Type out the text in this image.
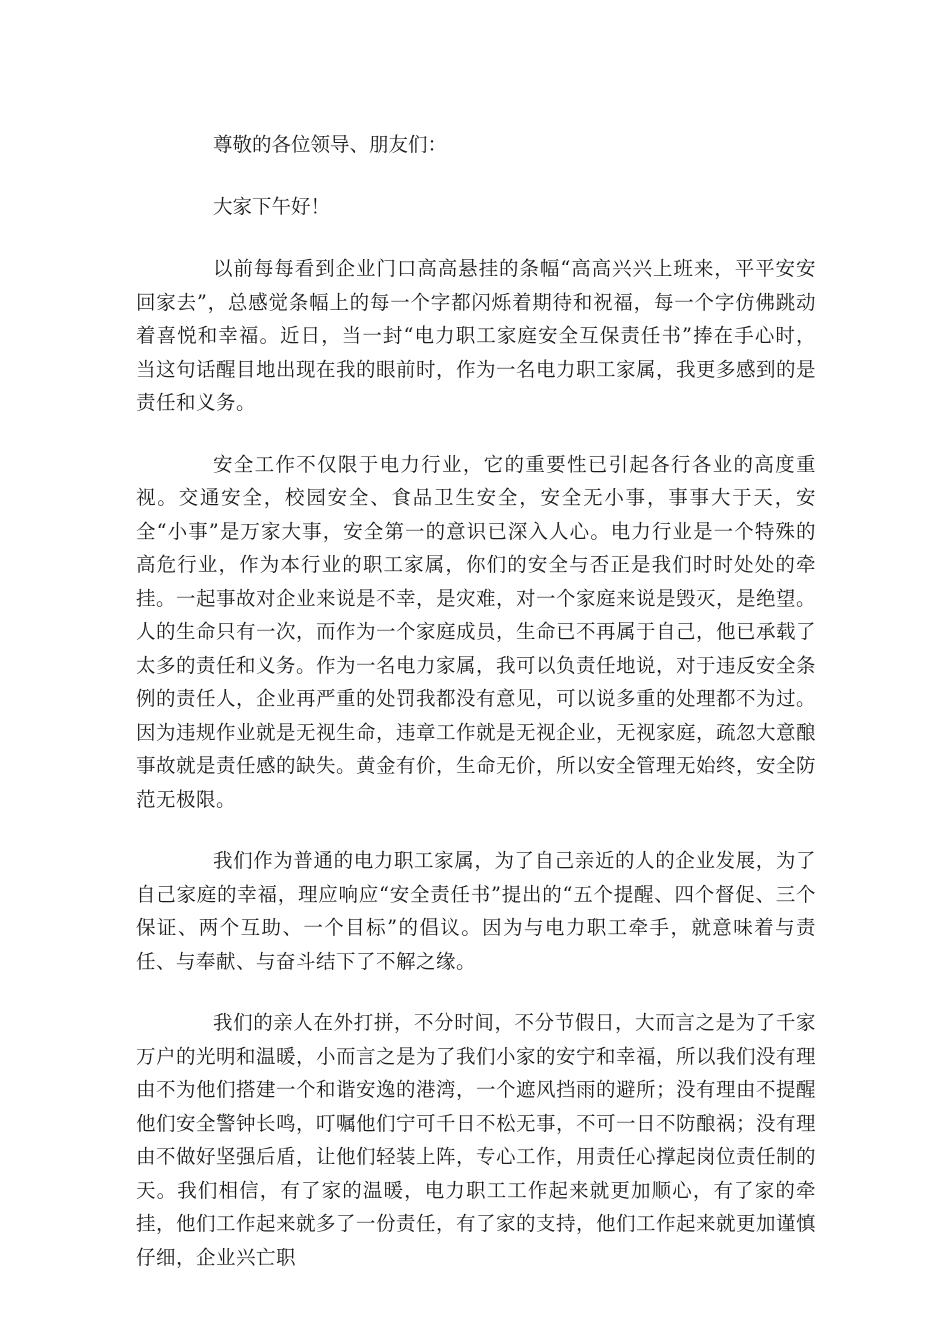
尊敬的各位领导、朋友们：

大家下午好！

以前每每看到企业门口高高悬挂的条幅“高高兴兴上班来，平平安安回家去”，总感觉条幅上的每一个字都闪烁着期待和祝福，每一个字仿佛跳动着喜悦和幸福。近日，当一封“电力职工家庭安全互保责任书”捧在手心时，当这句话醒目地出现在我的眼前时，作为一名电力职工家属，我更多感到的是责任和义务。

安全工作不仅限于电力行业，它的重要性已引起各行各业的高度重视。交通安全，校园安全、食品卫生安全，安全无小事，事事大于天，安全“小事”是万家大事，安全第一的意识已深入人心。电力行业是一个特殊的高危行业，作为本行业的职工家属，你们的安全与否正是我们时时处处的牵挂。一起事故对企业来说是不幸，是灾难，对一个家庭来说是毁灭，是绝望。人的生命只有一次，而作为一个家庭成员，生命已不再属于自己，他已承载了太多的责任和义务。作为一名电力家属，我可以负责任地说，对于违反安全条例的责任人，企业再严重的处罚我都没有意见，可以说多重的处理都不为过。因为违规作业就是无视生命，违章工作就是无视企业，无视家庭，疏忽大意酿事故就是责任感的缺失。黄金有价，生命无价，所以安全管理无始终，安全防范无极限。

我们作为普通的电力职工家属，为了自己亲近的人的企业发展，为了自己家庭的幸福，理应响应“安全责任书”提出的“五个提醒、四个督促、三个保证、两个互助、一个目标”的倡议。因为与电力职工牵手，就意味着与责任、与奉献、与奋斗结下了不解之缘。

我们的亲人在外打拼，不分时间，不分节假日，大而言之是为了千家万户的光明和温暖，小而言之是为了我们小家的安宁和幸福，所以我们没有理由不为他们搭建一个和谐安逸的港湾，一个遮风挡雨的避所；没有理由不提醒他们安全警钟长鸣，叮嘱他们宁可千日不松无事，不可一日不防酿祸；没有理由不做好坚强后盾，让他们轻装上阵，专心工作，用责任心撑起岗位责任制的天。我们相信，有了家的温暖，电力职工工作起来就更加顺心，有了家的牵挂，他们工作起来就多了一份责任，有了家的支持，他们工作起来就更加谨慎仔细，企业兴亡职
